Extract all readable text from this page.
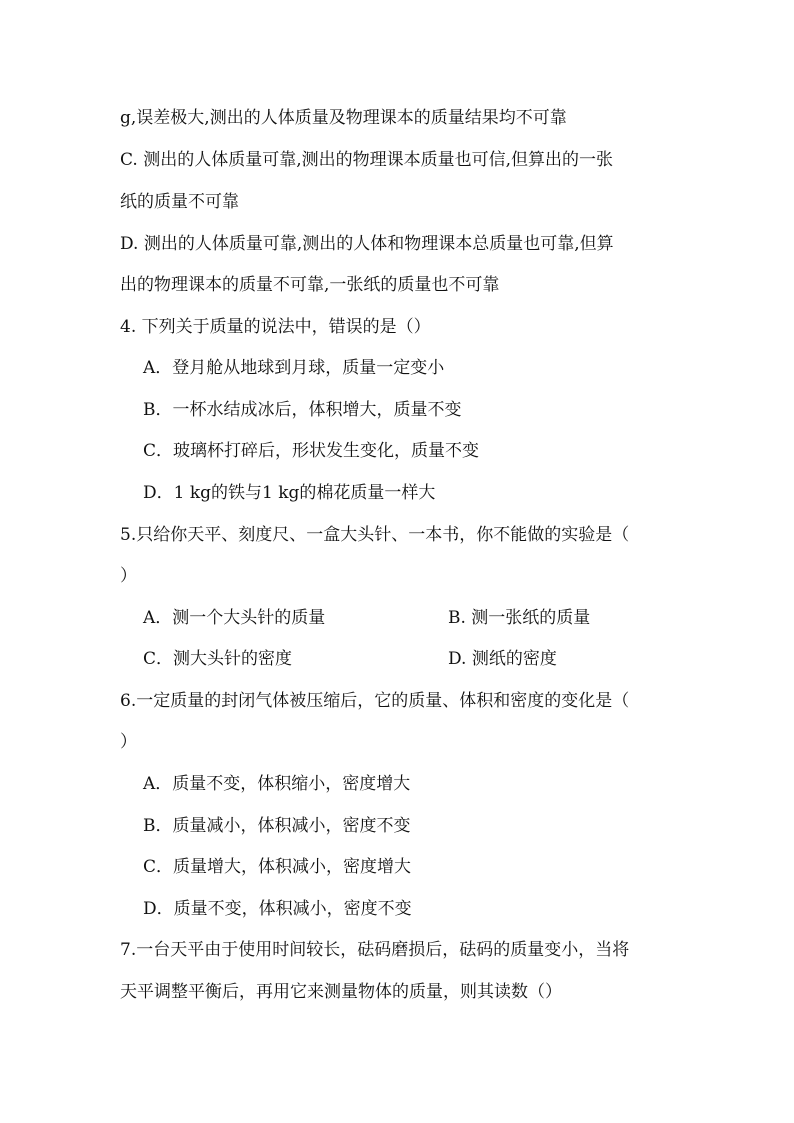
g,误差极大,测出的人体质量及物理课本的质量结果均不可靠
C. 测出的人体质量可靠,测出的物理课本质量也可信,但算出的一张
纸的质量不可靠
D. 测出的人体质量可靠,测出的人体和物理课本总质量也可靠,但算
出的物理课本的质量不可靠,一张纸的质量也不可靠
4. 下列关于质量的说法中，错误的是（）
A．登月舱从地球到月球，质量一定变小
B．一杯水结成冰后，体积增大，质量不变
C．玻璃杯打碎后，形状发生变化，质量不变
D．1 kg的铁与1 kg的棉花质量一样大
5.只给你天平、刻度尺、一盒大头针、一本书，你不能做的实验是（
）
A．测一个大头针的质量	B. 测一张纸的质量
C．测大头针的密度	D. 测纸的密度
6.一定质量的封闭气体被压缩后，它的质量、体积和密度的变化是（
）
A．质量不变，体积缩小，密度增大
B．质量减小，体积减小，密度不变
C．质量增大，体积减小，密度增大
D．质量不变，体积减小，密度不变
7.一台天平由于使用时间较长，砝码磨损后，砝码的质量变小，当将
天平调整平衡后，再用它来测量物体的质量，则其读数（）
